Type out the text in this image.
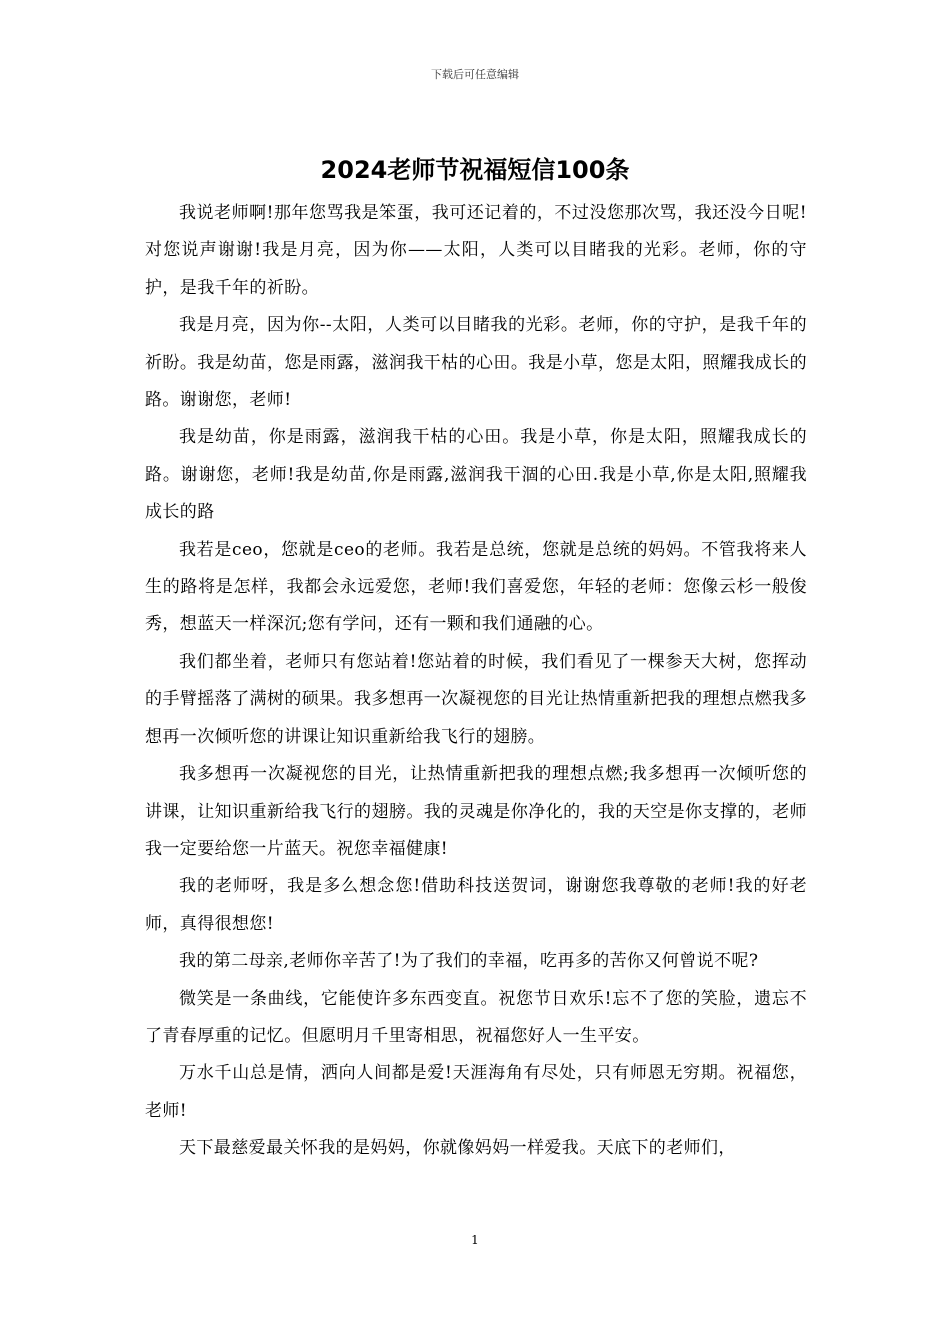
下载后可任意编辑
2024老师节祝福短信100条

我说老师啊!那年您骂我是笨蛋，我可还记着的，不过没您那次骂，我还没今日呢!对您说声谢谢!我是月亮，因为你——太阳，人类可以目睹我的光彩。老师，你的守护，是我千年的祈盼。

我是月亮，因为你--太阳，人类可以目睹我的光彩。老师，你的守护，是我千年的祈盼。我是幼苗，您是雨露，滋润我干枯的心田。我是小草，您是太阳，照耀我成长的路。谢谢您，老师!

我是幼苗，你是雨露，滋润我干枯的心田。我是小草，你是太阳，照耀我成长的路。谢谢您，老师!我是幼苗,你是雨露,滋润我干涸的心田.我是小草,你是太阳,照耀我成长的路

我若是ceo，您就是ceo的老师。我若是总统，您就是总统的妈妈。不管我将来人生的路将是怎样，我都会永远爱您，老师!我们喜爱您，年轻的老师：您像云杉一般俊秀，想蓝天一样深沉;您有学问，还有一颗和我们通融的心。

我们都坐着，老师只有您站着!您站着的时候，我们看见了一棵参天大树，您挥动的手臂摇落了满树的硕果。我多想再一次凝视您的目光让热情重新把我的理想点燃我多想再一次倾听您的讲课让知识重新给我飞行的翅膀。

我多想再一次凝视您的目光，让热情重新把我的理想点燃;我多想再一次倾听您的讲课，让知识重新给我飞行的翅膀。我的灵魂是你净化的，我的天空是你支撑的，老师我一定要给您一片蓝天。祝您幸福健康!

我的老师呀，我是多么想念您!借助科技送贺词，谢谢您我尊敬的老师!我的好老师，真得很想您!

我的第二母亲,老师你辛苦了!为了我们的幸福，吃再多的苦你又何曾说不呢?

微笑是一条曲线，它能使许多东西变直。祝您节日欢乐!忘不了您的笑脸，遗忘不了青春厚重的记忆。但愿明月千里寄相思，祝福您好人一生平安。

万水千山总是情，洒向人间都是爱!天涯海角有尽处，只有师恩无穷期。祝福您，老师!

天下最慈爱最关怀我的是妈妈，你就像妈妈一样爱我。天底下的老师们，

1
